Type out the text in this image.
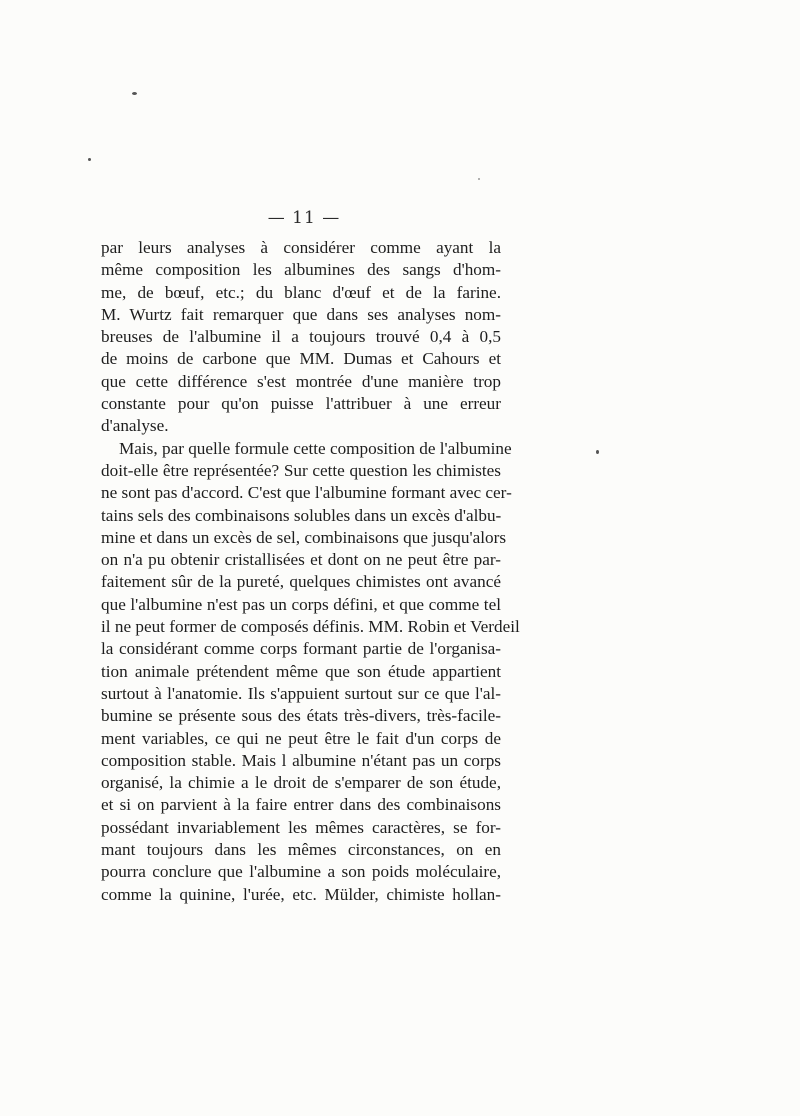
— 11 —
par leurs analyses à considérer comme ayant la
même composition les albumines des sangs d'hom-
me, de bœuf, etc.; du blanc d'œuf et de la farine.
M. Wurtz fait remarquer que dans ses analyses nom-
breuses de l'albumine il a toujours trouvé 0,4 à 0,5
de moins de carbone que MM. Dumas et Cahours et
que cette différence s'est montrée d'une manière trop
constante pour qu'on puisse l'attribuer à une erreur
d'analyse.
Mais, par quelle formule cette composition de l'albumine
doit-elle être représentée? Sur cette question les chimistes
ne sont pas d'accord. C'est que l'albumine formant avec cer-
tains sels des combinaisons solubles dans un excès d'albu-
mine et dans un excès de sel, combinaisons que jusqu'alors
on n'a pu obtenir cristallisées et dont on ne peut être par-
faitement sûr de la pureté, quelques chimistes ont avancé
que l'albumine n'est pas un corps défini, et que comme tel
il ne peut former de composés définis. MM. Robin et Verdeil
la considérant comme corps formant partie de l'organisa-
tion animale prétendent même que son étude appartient
surtout à l'anatomie. Ils s'appuient surtout sur ce que l'al-
bumine se présente sous des états très-divers, très-facile-
ment variables, ce qui ne peut être le fait d'un corps de
composition stable. Mais l albumine n'étant pas un corps
organisé, la chimie a le droit de s'emparer de son étude,
et si on parvient à la faire entrer dans des combinaisons
possédant invariablement les mêmes caractères, se for-
mant toujours dans les mêmes circonstances, on en
pourra conclure que l'albumine a son poids moléculaire,
comme la quinine, l'urée, etc. Mülder, chimiste hollan-
